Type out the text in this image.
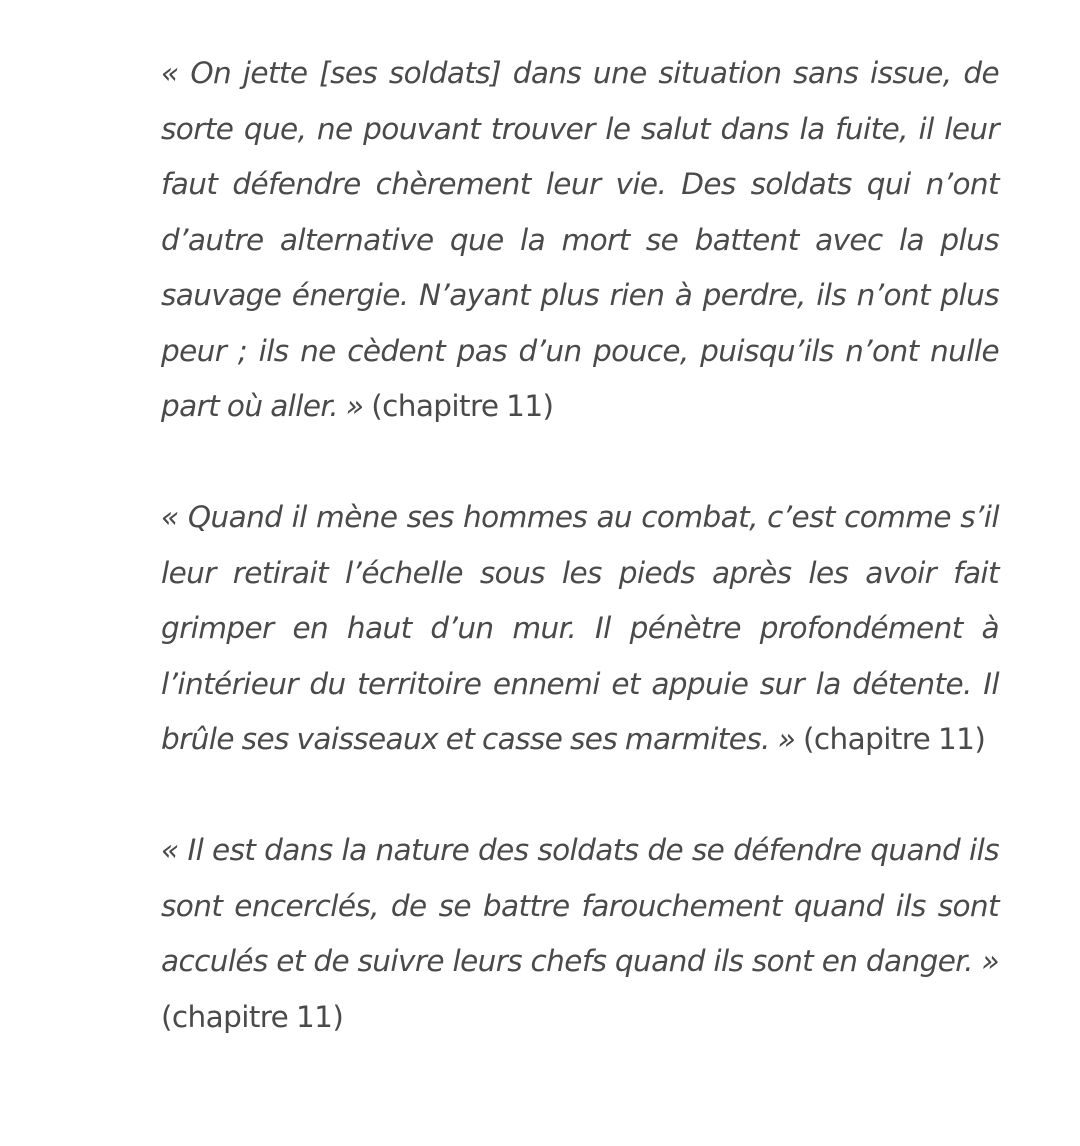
« On jette [ses soldats] dans une situation sans issue, de sorte que, ne pouvant trouver le salut dans la fuite, il leur faut défendre chèrement leur vie. Des soldats qui n’ont d’autre alternative que la mort se battent avec la plus sauvage énergie. N’ayant plus rien à perdre, ils n’ont plus peur ; ils ne cèdent pas d’un pouce, puisqu’ils n’ont nulle part où aller. » (chapitre 11)

« Quand il mène ses hommes au combat, c’est comme s’il leur retirait l’échelle sous les pieds après les avoir fait grimper en haut d’un mur. Il pénètre profondément à l’intérieur du territoire ennemi et appuie sur la détente. Il brûle ses vaisseaux et casse ses marmites. » (chapitre 11)

« Il est dans la nature des soldats de se défendre quand ils sont encerclés, de se battre farouchement quand ils sont acculés et de suivre leurs chefs quand ils sont en danger. » (chapitre 11)
